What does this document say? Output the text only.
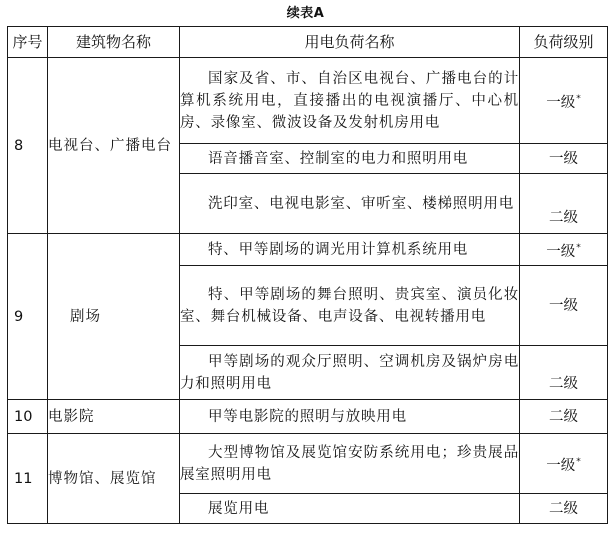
续表A
序号	建筑物名称	用电负荷名称	负荷级别
8	电视台、广播电台	国家及省、市、自治区电视台、广播电台的计算机系统用电，直接播出的电视演播厅、中心机房、录像室、微波设备及发射机房用电	一级*
		语音播音室、控制室的电力和照明用电	一级
		洗印室、电视电影室、审听室、楼梯照明用电	二级
9	剧场	特、甲等剧场的调光用计算机系统用电	一级*
		特、甲等剧场的舞台照明、贵宾室、演员化妆室、舞台机械设备、电声设备、电视转播用电	一级
		甲等剧场的观众厅照明、空调机房及锅炉房电力和照明用电	二级
10	电影院	甲等电影院的照明与放映用电	二级
11	博物馆、展览馆	大型博物馆及展览馆安防系统用电；珍贵展品展室照明用电	一级*
		展览用电	二级
